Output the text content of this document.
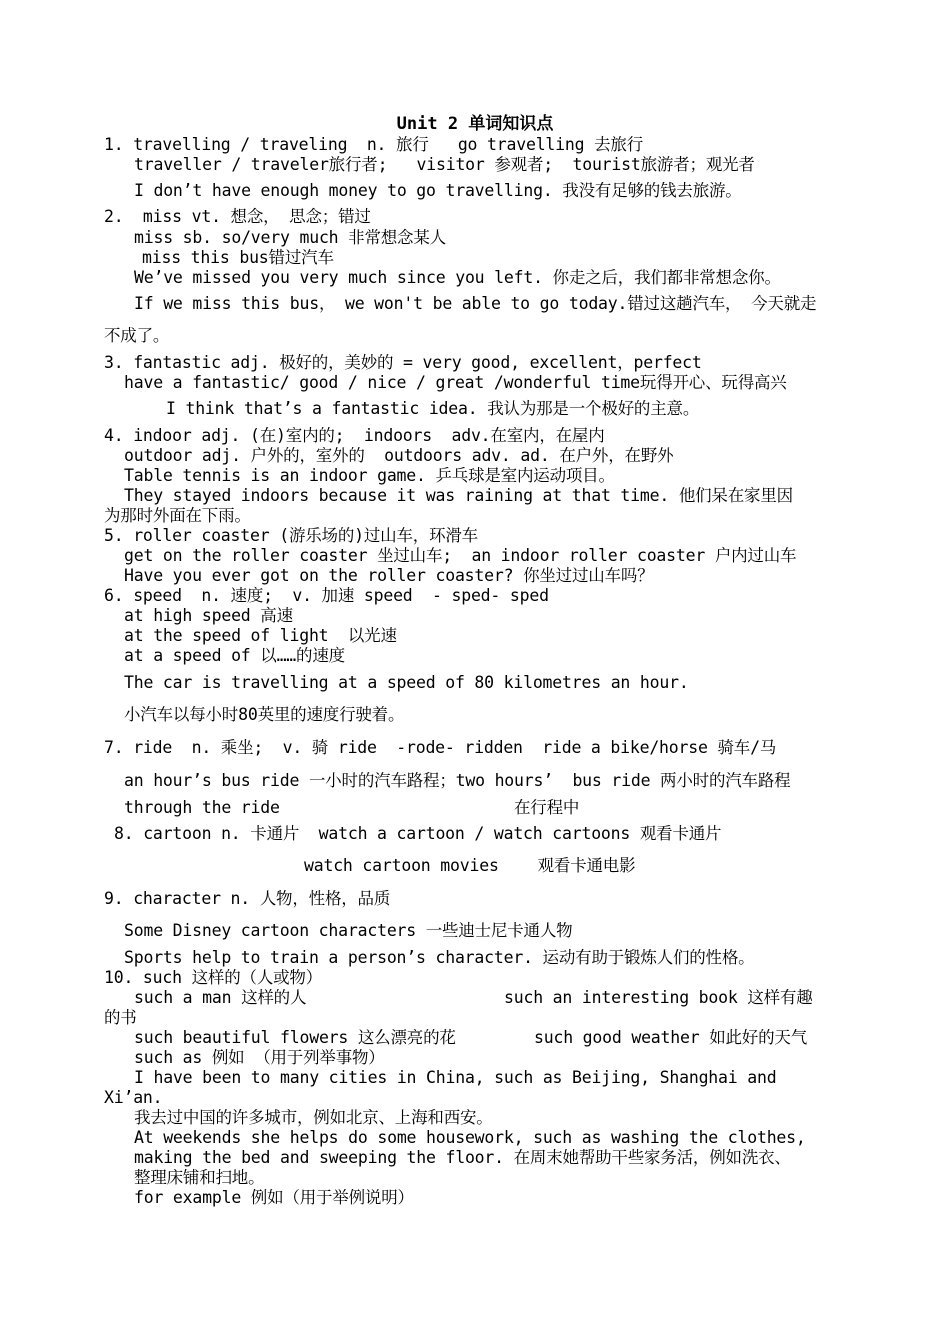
Unit 2 单词知识点
1. travelling / traveling  n. 旅行   go travelling 去旅行
traveller / traveler旅行者;   visitor 参观者;  tourist旅游者；观光者
I don’t have enough money to go travelling. 我没有足够的钱去旅游。
2.  miss vt. 想念， 思念；错过
miss sb. so/very much 非常想念某人
miss this bus错过汽车
We’ve missed you very much since you left. 你走之后，我们都非常想念你。
If we miss this bus， we won't be able to go today.错过这趟汽车， 今天就走
不成了。
3. fantastic adj. 极好的，美妙的 = very good, excellent，perfect
have a fantastic/ good / nice / great /wonderful time玩得开心、玩得高兴
I think that’s a fantastic idea. 我认为那是一个极好的主意。
4. indoor adj. (在)室内的;  indoors  adv.在室内，在屋内
outdoor adj. 户外的，室外的  outdoors adv. ad. 在户外，在野外
Table tennis is an indoor game. 乒乓球是室内运动项目。
They stayed indoors because it was raining at that time. 他们呆在家里因
为那时外面在下雨。
5. roller coaster (游乐场的)过山车，环滑车
get on the roller coaster 坐过山车;  an indoor roller coaster 户内过山车
Have you ever got on the roller coaster? 你坐过过山车吗？
6. speed  n. 速度;  v. 加速 speed  - sped- sped
at high speed 高速
at the speed of light  以光速
at a speed of 以……的速度
The car is travelling at a speed of 80 kilometres an hour.
小汽车以每小时80英里的速度行驶着。
7. ride  n. 乘坐;  v. 骑 ride  -rode- ridden  ride a bike/horse 骑车/马
an hour’s bus ride 一小时的汽车路程；two hours’  bus ride 两小时的汽车路程
through the ride	在行程中
8. cartoon n. 卡通片  watch a cartoon / watch cartoons 观看卡通片
watch cartoon movies    观看卡通电影
9. character n. 人物，性格，品质
Some Disney cartoon characters 一些迪士尼卡通人物
Sports help to train a person’s character. 运动有助于锻炼人们的性格。
10. such 这样的（人或物）
such a man 这样的人	such an interesting book 这样有趣
的书
such beautiful flowers 这么漂亮的花	such good weather 如此好的天气
such as 例如 （用于列举事物）
I have been to many cities in China, such as Beijing, Shanghai and
Xi’an.
我去过中国的许多城市，例如北京、上海和西安。
At weekends she helps do some housework, such as washing the clothes,
making the bed and sweeping the floor. 在周末她帮助干些家务活，例如洗衣、
整理床铺和扫地。
for example 例如（用于举例说明）
